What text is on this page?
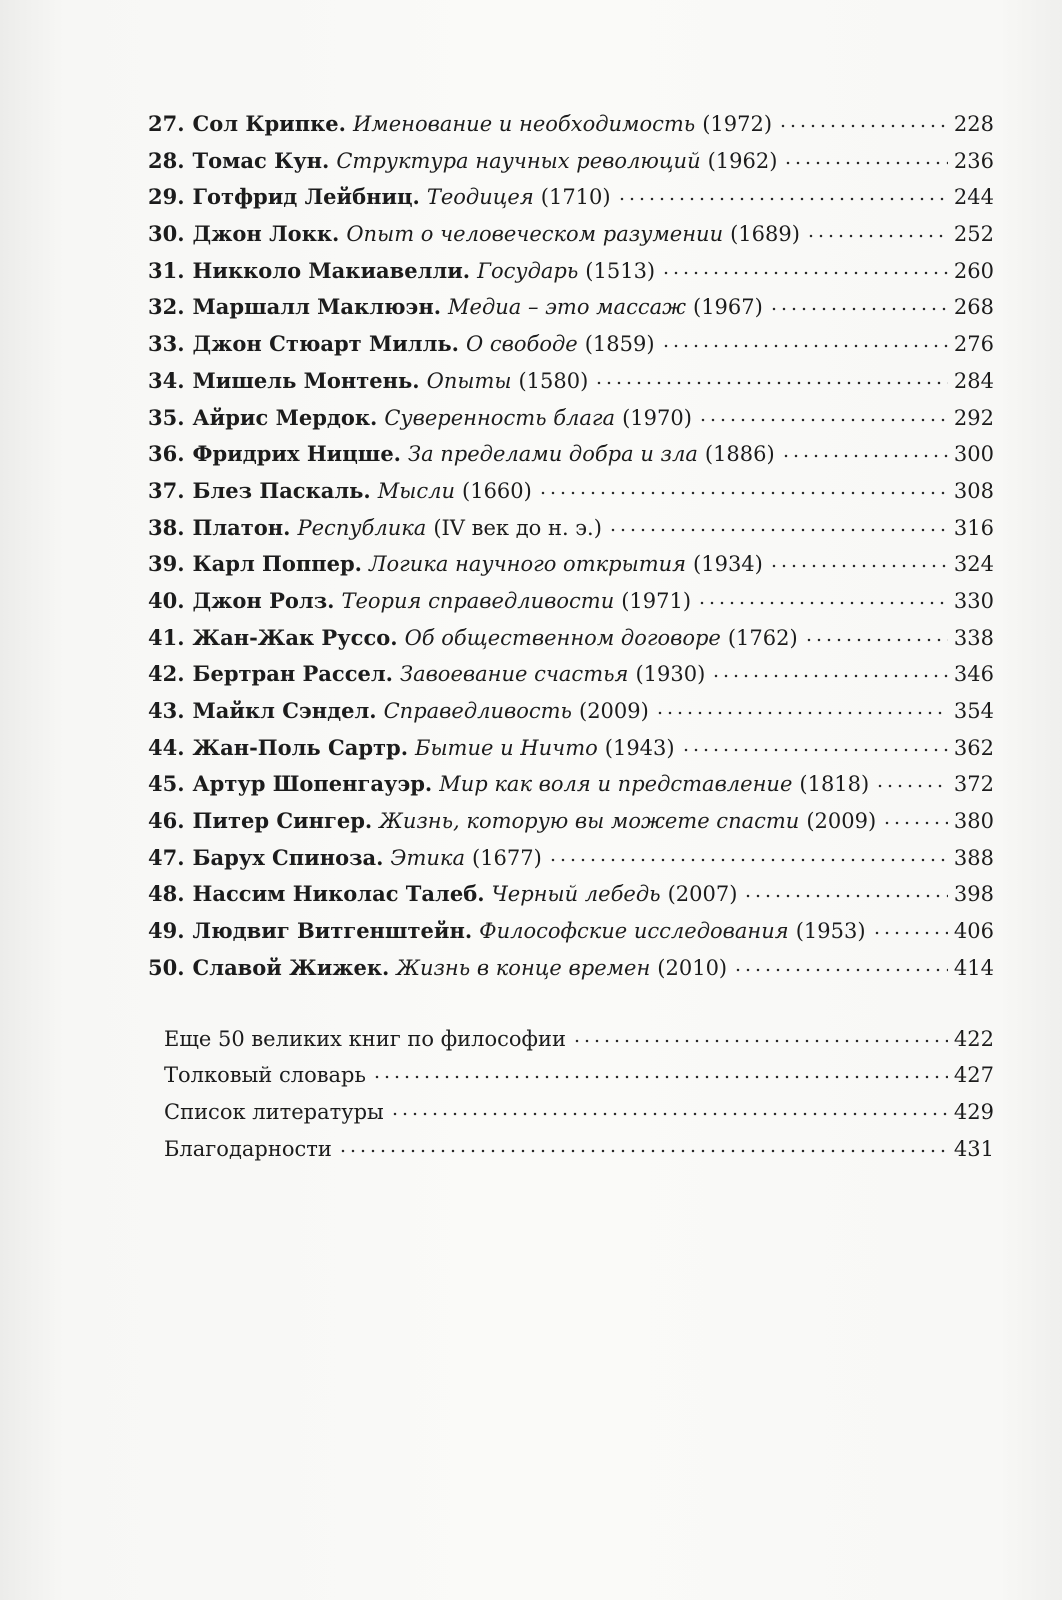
27. Сол Крипке. Именование и необходимость (1972)	228
28. Томас Кун. Структура научных революций (1962)	236
29. Готфрид Лейбниц. Теодицея (1710)	244
30. Джон Локк. Опыт о человеческом разумении (1689)	252
31. Никколо Макиавелли. Государь (1513)	260
32. Маршалл Маклюэн. Медиа – это массаж (1967)	268
33. Джон Стюарт Милль. О свободе (1859)	276
34. Мишель Монтень. Опыты (1580)	284
35. Айрис Мердок. Суверенность блага (1970)	292
36. Фридрих Ницше. За пределами добра и зла (1886)	300
37. Блез Паскаль. Мысли (1660)	308
38. Платон. Республика (IV век до н. э.)	316
39. Карл Поппер. Логика научного открытия (1934)	324
40. Джон Ролз. Теория справедливости (1971)	330
41. Жан-Жак Руссо. Об общественном договоре (1762)	338
42. Бертран Рассел. Завоевание счастья (1930)	346
43. Майкл Сэндел. Справедливость (2009)	354
44. Жан-Поль Сартр. Бытие и Ничто (1943)	362
45. Артур Шопенгауэр. Мир как воля и представление (1818)	372
46. Питер Сингер. Жизнь, которую вы можете спасти (2009)	380
47. Барух Спиноза. Этика (1677)	388
48. Нассим Николас Талеб. Черный лебедь (2007)	398
49. Людвиг Витгенштейн. Философские исследования (1953)	406
50. Славой Жижек. Жизнь в конце времен (2010)	414
Еще 50 великих книг по философии	422
Толковый словарь	427
Список литературы	429
Благодарности	431
